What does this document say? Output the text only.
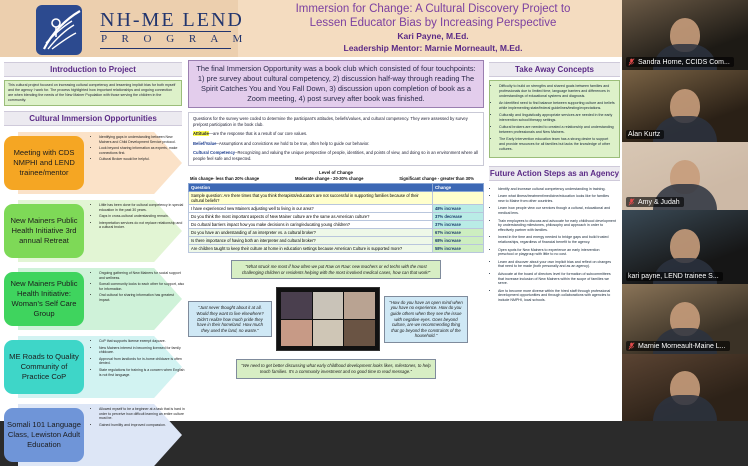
NH-ME LEND
P R O G R A M
Immersion for Change: A Cultural Discovery Project to
Lessen Educator Bias by Increasing Perspective
Kari Payne, M.Ed.
Leadership Mentor: Marnie Morneault, M.Ed.
Introduction to Project
This cultural project focused on increasing cultural competency and lessening implicit bias for both myself and the agency I work for. The process highlighted how important relationships and ongoing connection are when blending the needs of the New Mainer Population with those serving the children in the community.
Cultural Immersion Opportunities
Meeting with CDS NMPHI and LEND trainee/mentor
• Identifying gaps in understanding between New Mainers and Child Development Service protocol.
• Look beyond sharing information as experts, make connections first.
• Cultural Broker would be helpful.
New Mainers Public Health Initiative 3rd annual Retreat
• Little has been done for cultural competency in special education in the past 30 years.
• Gaps in cross-cultural understanding remain.
• Interpretation services do not replace relationship and a cultural broker.
New Mainers Public Health Initiative: Woman's Self Care Group
• Ongoing gathering of New Mainers for social support and wellness.
• Somali community looks to each other for support, also for information.
• Oral cultural for sharing information has greatest impact.
ME Roads to Quality Community of Practice CoP
• CoP that supports license exempt daycare.
• New Mainers interest in becoming licensed for family childcare.
• Approval from landlords for in-home childcare is often denied.
• State regulations for training is a concern when English is not first language.
Somali 101 Language Class, Lewiston Adult Education
• Allowed myself to be a beginner at a task that is hard in order to perceive how difficult learning an entire culture must be.
• Gained humility and improved compassion.
The final Immersion Opportunity was a book club which consisted of four touchpoints: 1) pre survey about cultural competency, 2) discussion half-way through reading The Spirit Catches You and You Fall Down, 3) discussion upon completion of book as a Zoom meeting, 4) post survey after book was finished.
Questions for the survey were coded to determine the participant's attitudes, beliefs/values, and cultural competency. They were assessed by survey pre/post participation in the book club.
Attitude—are the response that is a result of our core values.
Belief/Value–Assumptions and convictions we hold to be true, often help to guide our behavior.
Cultural Competency–Recognizing and valuing the unique perspective of people, identities, and points of view, and doing so in an environment where all people feel safe and respected.
Level of Change
Min change- less than 20% change	Moderate change - 20-30% change	Significant change - greater than 30%
Question	Change
Sample question: Are there times that you think therapists/educators are not successful in supporting families because of their cultural beliefs?	
I have experienced new Mainers adjusting well to living in our area?	48% increase
Do you think the most important aspects of New Mainer culture are the same as American culture?	37% decrease
Do cultural barriers impact how you make decisions in caring/educating young children?	37% increase
Do you have an understanding of an interpreter vs. a cultural broker?	67% increase
Is there importance of having both an interpreter and cultural broker?	68% increase
Are children taught to keep their culture at home in education settings because American Culture is supported more?	58% increase
"What struck me most if how often we put Raw on Raw: new teachers or ed techs with the most challenging children or residents helping with the most involved medical cases, how can that work!"
"Just never thought about it at all. Would they want to live elsewhere? Didn't realize how much pride they have in their homeland. How much they used the land, no waste."
"How do you have an open mind when you have no experience. How do you guide others when they see the issue with negative eyes. Goes beyond culture, are we recommending thing that go beyond the constraints of the household."
"We need to get better discussing what early childhood development looks likes, milestones, to help teach families. It's a community investment and no good time to read message."
Take Away Concepts
• Difficulty to build on strengths and shared goals between families and professionals due to limited time, language barriers and differences in understandings of educational systems and diagnosis.
• An identified need to find balance between supporting culture and beliefs while implementing state/federal guidelines/testing/expectations.
• Culturally and linguistically appropriate services are needed in the early intervention school/therapy settings.
• Cultural brokers are needed to created a relationship and understanding between professionals and New Mainers.
• The Early Intervention education team has a strong desire to support and provide resources for all families but lacks the knowledge of other cultures.
Future Action Steps as an Agency
• Identify and increase cultural competency understanding in training.
• Learn what illness/treatment/medicine/education looks like for families new to Maine from other countries.
• Learn how people view our services though a cultural, educational and medical lens.
• Train employees to discuss and advocate for early childhood development by understanding milestones, philosophy and approach in order to effectively partner with families.
• Invest in the time and energy needed to bridge gaps and build trusted relationships, regardless of financial benefit to the agency.
• Open spots for New Mainers to experience an early intervention preschool or playgroup with little to no cost.
• Learn and discover about your own implicit bias and reflect on changes that need to be made (both personally and as an agency).
• Advocate at the board of directors level for formation of subcommittees that increase inclusion of New Mainers within the scope of families we serve.
• Aim to become more diverse within the hired staff through professional development opportunities and through collaborations with agencies to include NMPHI, local schools.
Sandra Horne, CCIDS Com...
Alan Kurtz
Amy & Judah
kari payne, LEND trainee S...
Marnie Morneault-Maine L...
